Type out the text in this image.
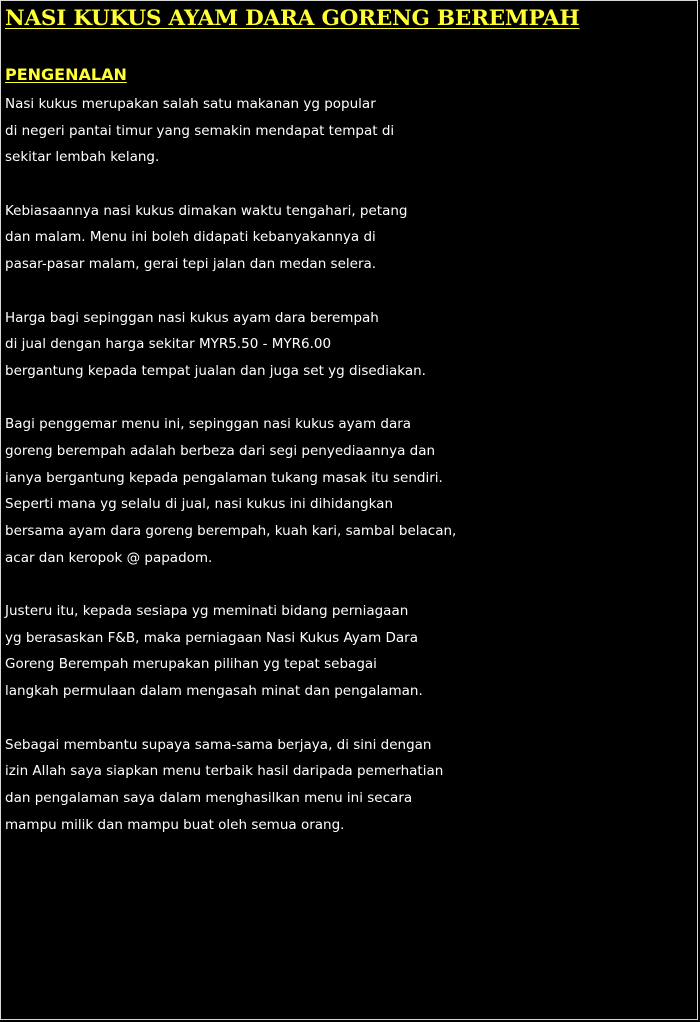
NASI KUKUS AYAM DARA GORENG BEREMPAH
PENGENALAN

Nasi kukus merupakan salah satu makanan yg popular
di negeri pantai timur yang semakin mendapat tempat di
sekitar lembah kelang.

Kebiasaannya nasi kukus dimakan waktu tengahari, petang
dan malam. Menu ini boleh didapati kebanyakannya di
pasar-pasar malam, gerai tepi jalan dan medan selera.

Harga bagi sepinggan nasi kukus ayam dara berempah
di jual dengan harga sekitar MYR5.50 - MYR6.00
bergantung kepada tempat jualan dan juga set yg disediakan.

Bagi penggemar menu ini, sepinggan nasi kukus ayam dara
goreng berempah adalah berbeza dari segi penyediaannya dan
ianya bergantung kepada pengalaman tukang masak itu sendiri.
Seperti mana yg selalu di jual, nasi kukus ini dihidangkan
bersama ayam dara goreng berempah, kuah kari, sambal belacan,
acar dan keropok @ papadom.

Justeru itu, kepada sesiapa yg meminati bidang perniagaan
yg berasaskan F&B, maka perniagaan Nasi Kukus Ayam Dara
Goreng Berempah merupakan pilihan yg tepat sebagai
langkah permulaan dalam mengasah minat dan pengalaman.

Sebagai membantu supaya sama-sama berjaya, di sini dengan
izin Allah saya siapkan menu terbaik hasil daripada pemerhatian
dan pengalaman saya dalam menghasilkan menu ini secara
mampu milik dan mampu buat oleh semua orang.
